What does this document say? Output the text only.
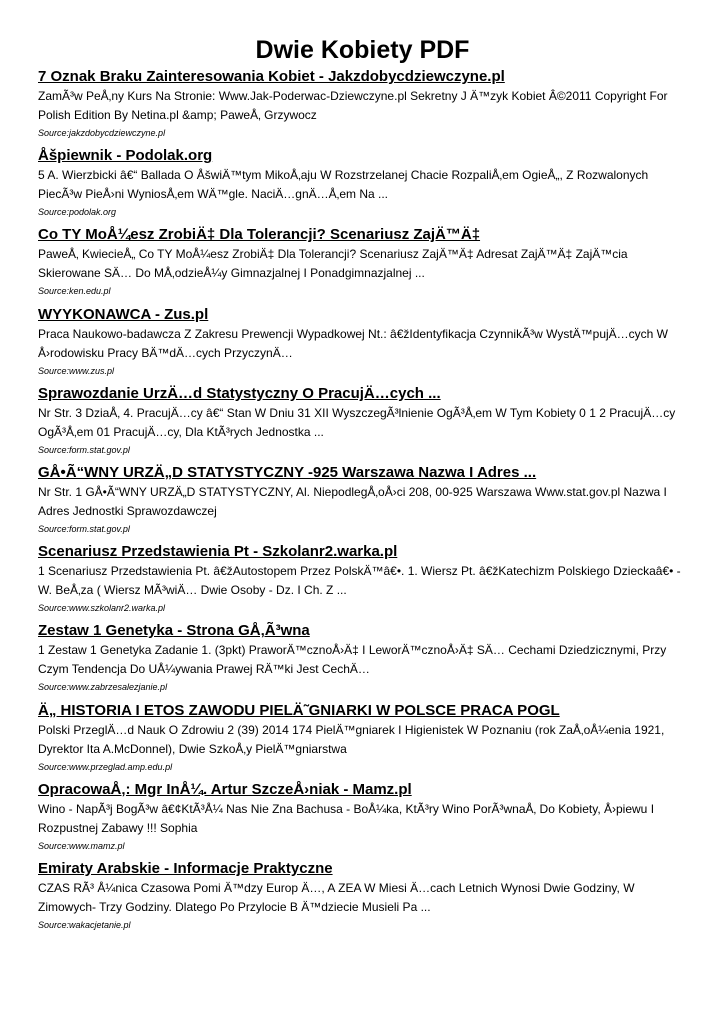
Dwie Kobiety PDF
7 Oznak Braku Zainteresowania Kobiet - Jakzdobycdziewczyne.pl
ZamÃ³w PeÅ‚ny Kurs Na Stronie: Www.Jak-Poderwac-Dziewczyne.pl Sekretny J Ä™zyk Kobiet Â©2011 Copyright For Polish Edition By Netina.pl &amp; PaweÅ‚ Grzywocz
Source:jakzdobycdziewczyne.pl
Åšpiewnik - Podolak.org
5 A. Wierzbicki â€“ Ballada O ÅšwiÄ™tym MikoÅ‚aju W Rozstrzelanej Chacie RozpaliÅ‚em OgieÅ„, Z Rozwalonych PiecÃ³w PieÅ›ni WyniosÅ‚em WÄ™gle. NaciÄ…gnÄ…Å‚em Na ...
Source:podolak.org
Co TY MoÅ¼esz ZrobiÄ‡ Dla Tolerancji? Scenariusz ZajÄ™Ä‡
PaweÅ‚ KwiecieÅ„ Co TY MoÅ¼esz ZrobiÄ‡ Dla Tolerancji? Scenariusz ZajÄ™Ä‡ Adresat ZajÄ™Ä‡ ZajÄ™cia Skierowane SÄ… Do MÅ‚odzieÅ¼y Gimnazjalnej I Ponadgimnazjalnej ...
Source:ken.edu.pl
WYYKONAWCA - Zus.pl
Praca Naukowo-badawcza Z Zakresu Prewencji Wypadkowej Nt.: â€žIdentyfikacja CzynnikÃ³w WystÄ™pujÄ…cych W Å›rodowisku Pracy BÄ™dÄ…cych PrzyczynÄ…
Source:www.zus.pl
Sprawozdanie UrzÄ…d Statystyczny O PracujÄ…cych ...
Nr Str. 3 DziaÅ‚ 4. PracujÄ…cy â€“ Stan W Dniu 31 XII WyszczegÃ³lnienie OgÃ³Å‚em W Tym Kobiety 0 1 2 PracujÄ…cy OgÃ³Å‚em 01 PracujÄ…cy, Dla KtÃ³rych Jednostka ...
Source:form.stat.gov.pl
GÅ•Ã“WNY URZÄ„D STATYSTYCZNY -925 Warszawa Nazwa I Adres ...
Nr Str. 1 GÅ•Ã“WNY URZÄ„D STATYSTYCZNY, Al. NiepodlegÅ‚oÅ›ci 208, 00-925 Warszawa Www.stat.gov.pl Nazwa I Adres Jednostki Sprawozdawczej
Source:form.stat.gov.pl
Scenariusz Przedstawienia Pt - Szkolanr2.warka.pl
1 Scenariusz Przedstawienia Pt. â€žAutostopem Przez PolskÄ™â€•. 1. Wiersz Pt. â€žKatechizm Polskiego Dzieckaâ€• - W. BeÅ‚za ( Wiersz MÃ³wiÄ… Dwie Osoby - Dz. I Ch. Z ...
Source:www.szkolanr2.warka.pl
Zestaw 1 Genetyka - Strona GÅ‚Ã³wna
1 Zestaw 1 Genetyka Zadanie 1. (3pkt) PraworÄ™cznoÅ›Ä‡ I LeworÄ™cznoÅ›Ä‡ SÄ… Cechami Dziedzicznymi, Przy Czym Tendencja Do UÅ¼ywania Prawej RÄ™ki Jest CechÄ…
Source:www.zabrzesalezjanie.pl
Ä„ HISTORIA I ETOS ZAWODU PIELÄ˜GNIARKI W POLSCE PRACA POGL
Polski PrzeglÄ…d Nauk O Zdrowiu 2 (39) 2014 174 PielÄ™gniarek I Higienistek W Poznaniu (rok ZaÅ‚oÅ¼enia 1921, Dyrektor Ita A.McDonnel), Dwie SzkoÅ‚y PielÄ™gniarstwa
Source:www.przeglad.amp.edu.pl
OpracowaÅ‚: Mgr InÅ¼. Artur SzczeÅ›niak - Mamz.pl
Wino - NapÃ³j BogÃ³w â€¢KtÃ³Å¼ Nas Nie Zna Bachusa - BoÅ¼ka, KtÃ³ry Wino PorÃ³wnaÅ‚ Do Kobiety, Å›piewu I Rozpustnej Zabawy !!! Sophia
Source:www.mamz.pl
Emiraty Arabskie - Informacje Praktyczne
CZAS RÃ³ Å¼nica Czasowa Pomi Ä™dzy Europ Ä…, A ZEA W Miesi Ä…cach Letnich Wynosi Dwie Godziny, W Zimowych- Trzy Godziny. Dlatego Po Przylocie B Ä™dziecie Musieli Pa ...
Source:wakacjetanie.pl
